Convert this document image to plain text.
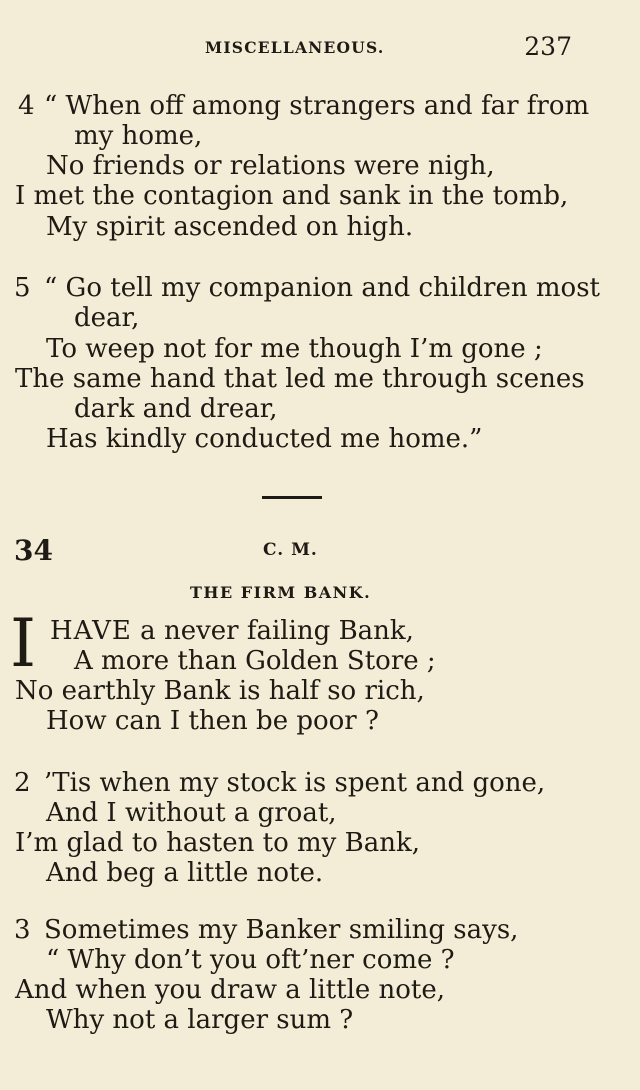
MISCELLANEOUS.	237
4 “ When off among strangers and far from
my home,
No friends or relations were nigh,
I met the contagion and sank in the tomb,
My spirit ascended on high.
5 “ Go tell my companion and children most
dear,
To weep not for me though I’m gone ;
The same hand that led me through scenes
dark and drear,
Has kindly conducted me home.”
34	C. M.
THE FIRM BANK.
I HAVE a never failing Bank,
A more than Golden Store ;
No earthly Bank is half so rich,
How can I then be poor ?
2 ’Tis when my stock is spent and gone,
And I without a groat,
I’m glad to hasten to my Bank,
And beg a little note.
3 Sometimes my Banker smiling says,
“ Why don’t you oft’ner come ?
And when you draw a little note,
Why not a larger sum ?
